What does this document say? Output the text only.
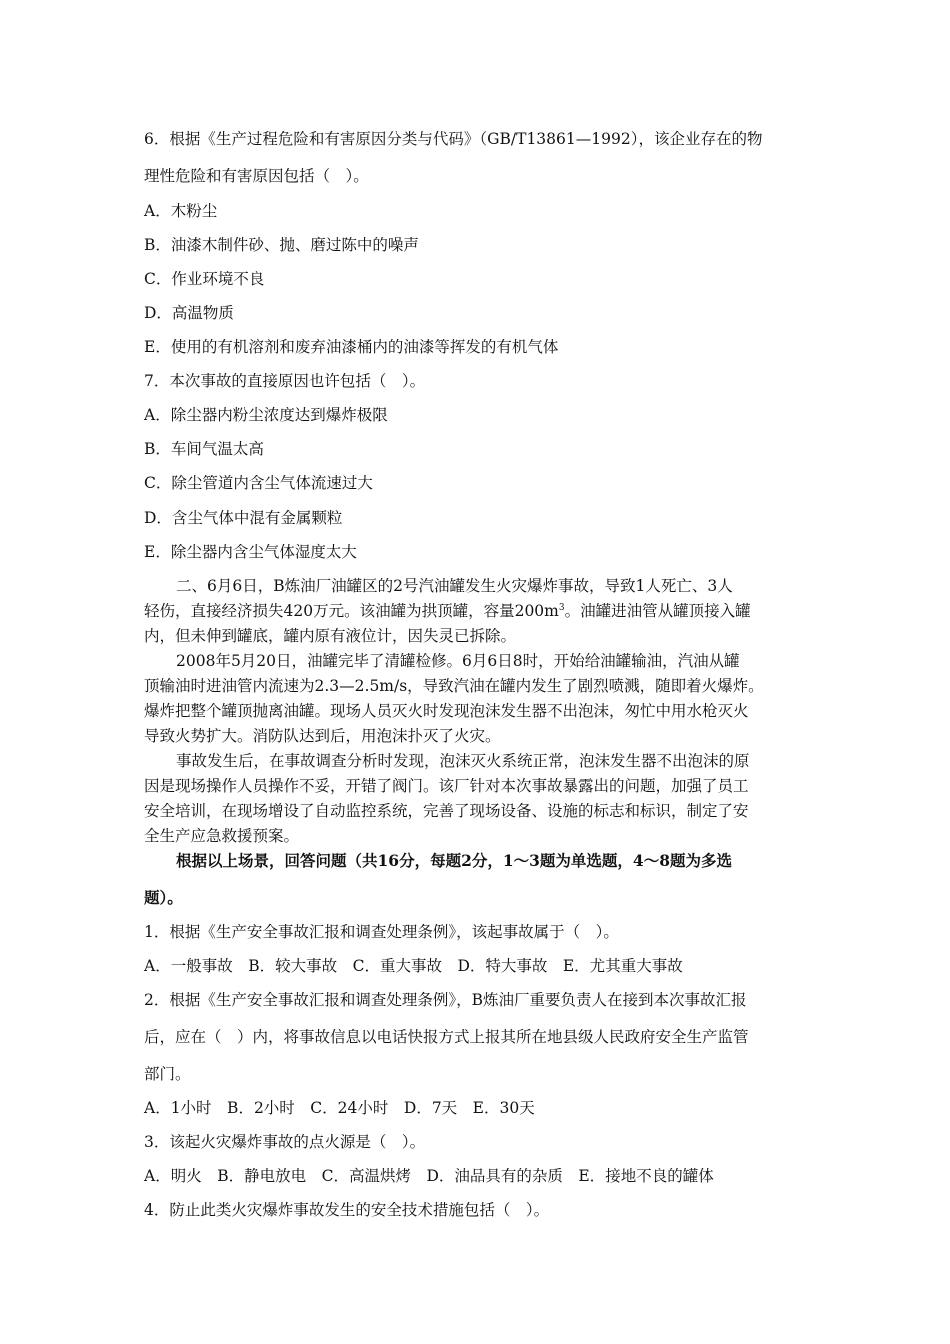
6．根据《生产过程危险和有害原因分类与代码》（GB/T13861—1992），该企业存在的物
理性危险和有害原因包括（　）。
A．木粉尘
B．油漆木制件砂、抛、磨过陈中的噪声
C．作业环境不良
D．高温物质
E．使用的有机溶剂和废弃油漆桶内的油漆等挥发的有机气体
7．本次事故的直接原因也许包括（　）。
A．除尘器内粉尘浓度达到爆炸极限
B．车间气温太高
C．除尘管道内含尘气体流速过大
D．含尘气体中混有金属颗粒
E．除尘器内含尘气体湿度太大
二、6月6日，B炼油厂油罐区的2号汽油罐发生火灾爆炸事故，导致1人死亡、3人
轻伤，直接经济损失420万元。该油罐为拱顶罐，容量$200m^3$。油罐进油管从罐顶接入罐
内，但未伸到罐底，罐内原有液位计，因失灵已拆除。
2008年5月20日，油罐完毕了清罐检修。6月6日8时，开始给油罐输油，汽油从罐
顶输油时进油管内流速为2.3—2.5m/s，导致汽油在罐内发生了剧烈喷溅，随即着火爆炸。
爆炸把整个罐顶抛离油罐。现场人员灭火时发现泡沫发生器不出泡沫，匆忙中用水枪灭火
导致火势扩大。消防队达到后，用泡沫扑灭了火灾。
事故发生后，在事故调查分析时发现，泡沫灭火系统正常，泡沫发生器不出泡沫的原
因是现场操作人员操作不妥，开错了阀门。该厂针对本次事故暴露出的问题，加强了员工
安全培训，在现场增设了自动监控系统，完善了现场设备、设施的标志和标识，制定了安
全生产应急救援预案。
根据以上场景，回答问题（共16分，每题2分，1～3题为单选题，4～8题为多选
题）。
1．根据《生产安全事故汇报和调查处理条例》，该起事故属于（　）。
A．一般事故　B．较大事故　C．重大事故　D．特大事故　E．尤其重大事故
2．根据《生产安全事故汇报和调查处理条例》，B炼油厂重要负责人在接到本次事故汇报
后，应在（　）内，将事故信息以电话快报方式上报其所在地县级人民政府安全生产监管
部门。
A．1小时　B．2小时　C．24小时　D．7天　E．30天
3．该起火灾爆炸事故的点火源是（　）。
A．明火　B．静电放电　C．高温烘烤　D．油品具有的杂质　E．接地不良的罐体
4．防止此类火灾爆炸事故发生的安全技术措施包括（　）。
